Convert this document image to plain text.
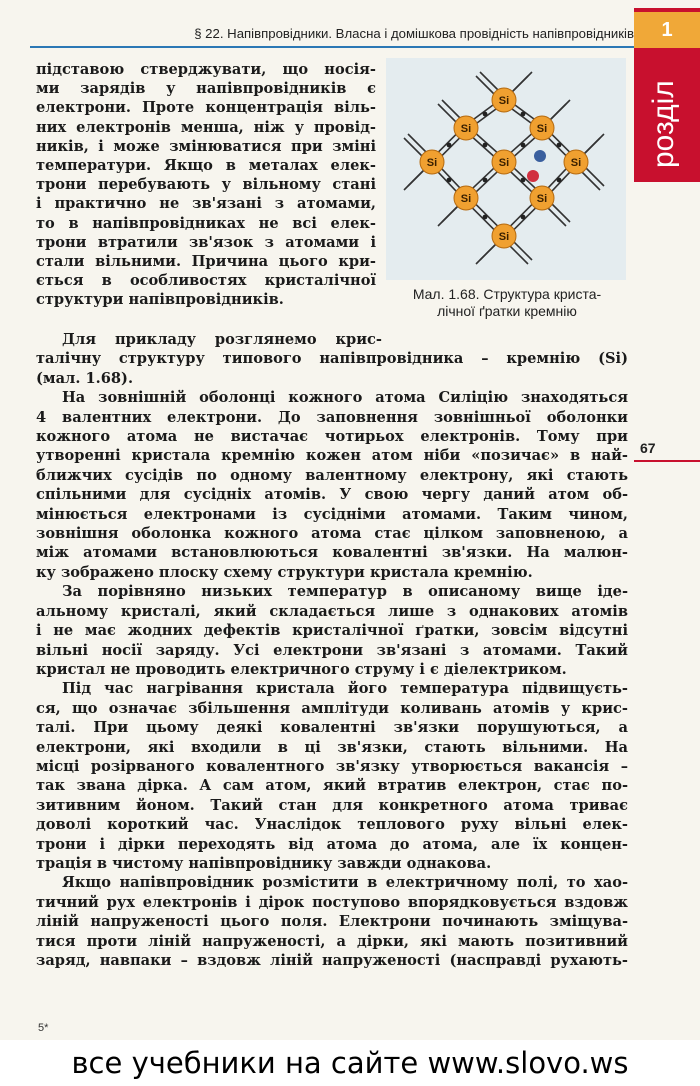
§ 22. Напівпровідники. Власна і домішкова провідність напівпровідників	1
розділ
67
Si
Si	Si
Si	Si	Si
Si	Si
Si
Мал. 1.68. Структура криста-
лічної ґратки кремнію
підставою стверджувати, що носія-
ми зарядів у напівпровідників є
електрони. Проте концентрація віль-
них електронів менша, ніж у провід-
ників, і може змінюватися при зміні
температури. Якщо в металах елек-
трони перебувають у вільному стані
і практично не зв'язані з атомами,
то в напівпровідниках не всі елек-
трони втратили зв'язок з атомами і
стали вільними. Причина цього кри-
ється в особливостях кристалічної
структури напівпровідників.
Для прикладу розглянемо крис-
талічну структуру типового напівпровідника – кремнію (Si)
(мал. 1.68).
На зовнішній оболонці кожного атома Силіцію знаходяться
4 валентних електрони. До заповнення зовнішньої оболонки
кожного атома не вистачає чотирьох електронів. Тому при
утворенні кристала кремнію кожен атом ніби «позичає» в най-
ближчих сусідів по одному валентному електрону, які стають
спільними для сусідніх атомів. У свою чергу даний атом об-
мінюється електронами із сусідніми атомами. Таким чином,
зовнішня оболонка кожного атома стає цілком заповненою, а
між атомами встановлюються ковалентні зв'язки. На малюн-
ку зображено плоску схему структури кристала кремнію.
За порівняно низьких температур в описаному вище іде-
альному кристалі, який складається лише з однакових атомів
і не має жодних дефектів кристалічної ґратки, зовсім відсутні
вільні носії заряду. Усі електрони зв'язані з атомами. Такий
кристал не проводить електричного струму і є діелектриком.
Під час нагрівання кристала його температура підвищуєть-
ся, що означає збільшення амплітуди коливань атомів у крис-
талі. При цьому деякі ковалентні зв'язки порушуються, а
електрони, які входили в ці зв'язки, стають вільними. На
місці розірваного ковалентного зв'язку утворюється вакансія –
так звана дірка. А сам атом, який втратив електрон, стає по-
зитивним йоном. Такий стан для конкретного атома триває
доволі короткий час. Унаслідок теплового руху вільні елек-
трони і дірки переходять від атома до атома, але їх концен-
трація в чистому напівпровіднику завжди однакова.
Якщо напівпровідник розмістити в електричному полі, то хао-
тичний рух електронів і дірок поступово впорядковується вздовж
ліній напруженості цього поля. Електрони починають зміщува-
тися проти ліній напруженості, а дірки, які мають позитивний
заряд, навпаки – вздовж ліній напруженості (насправді рухають-
5*
все учебники на сайте www.slovo.ws
